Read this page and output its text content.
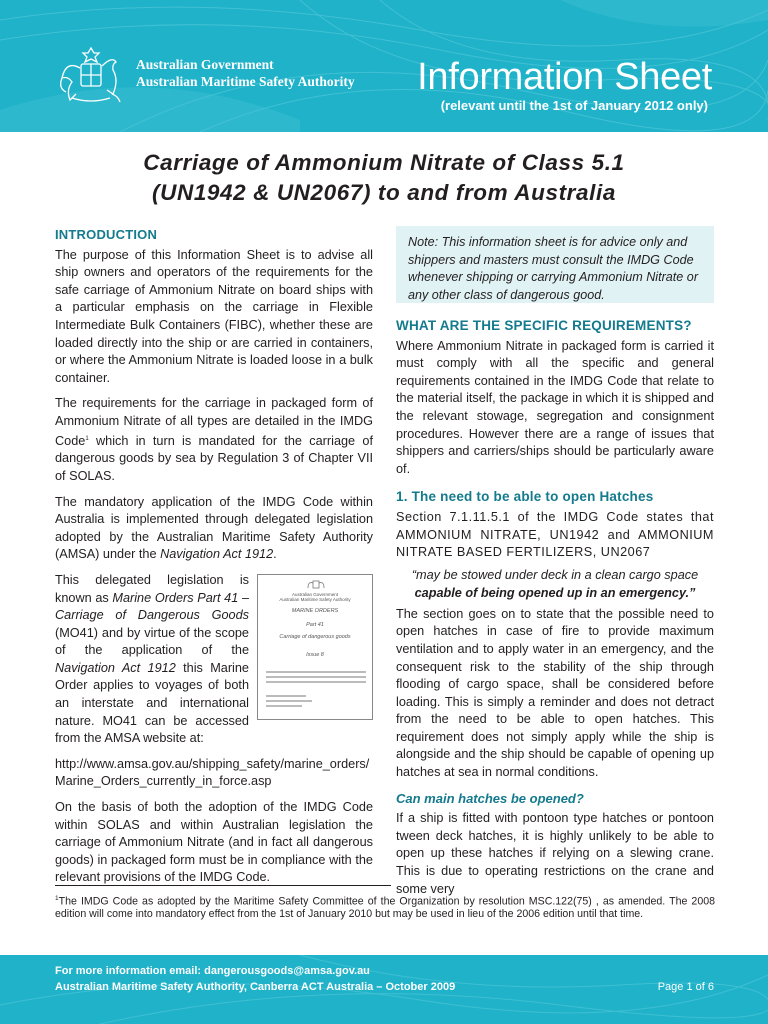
Australian Government
Australian Maritime Safety Authority Information Sheet
(relevant until the 1st of January 2012 only)
Carriage of Ammonium Nitrate of Class 5.1
(UN1942 & UN2067) to and from Australia
INTRODUCTION

The purpose of this Information Sheet is to advise all ship owners and operators of the requirements for the safe carriage of Ammonium Nitrate on board ships with a particular emphasis on the carriage in Flexible Intermediate Bulk Containers (FIBC), whether these are loaded directly into the ship or are carried in containers, or where the Ammonium Nitrate is loaded loose in a bulk container.

The requirements for the carriage in packaged form of Ammonium Nitrate of all types are detailed in the IMDG Code$^1$ which in turn is mandated for the carriage of dangerous goods by sea by Regulation 3 of Chapter VII of SOLAS.

The mandatory application of the IMDG Code within Australia is implemented through delegated legislation adopted by the Australian Maritime Safety Authority (AMSA) under the Navigation Act 1912.

Australian Government
Australian Maritime Safety Authority
MARINE ORDERS
Part 41
Carriage of dangerous goods
Issue 8

This delegated legislation is known as Marine Orders Part 41 – Carriage of Dangerous Goods (MO41) and by virtue of the scope of the application of the Navigation Act 1912 this Marine Order applies to voyages of both an interstate and international nature. MO41 can be accessed from the AMSA website at:

http://www.amsa.gov.au/shipping_safety/marine_orders/
Marine_Orders_currently_in_force.asp

On the basis of both the adoption of the IMDG Code within SOLAS and within Australian legislation the carriage of Ammonium Nitrate (and in fact all dangerous goods) in packaged form must be in compliance with the relevant provisions of the IMDG Code.

Note: This information sheet is for advice only and shippers and masters must consult the IMDG Code whenever shipping or carrying Ammonium Nitrate or any other class of dangerous good.
WHAT ARE THE SPECIFIC REQUIREMENTS?

Where Ammonium Nitrate in packaged form is carried it must comply with all the specific and general requirements contained in the IMDG Code that relate to the material itself, the package in which it is shipped and the relevant stowage, segregation and consignment procedures. However there are a range of issues that shippers and carriers/ships should be particularly aware of.

1. The need to be able to open Hatches

Section 7.1.11.5.1 of the IMDG Code states that AMMONIUM NITRATE, UN1942 and AMMONIUM NITRATE BASED FERTILIZERS, UN2067

“may be stowed under deck in a clean cargo space
capable of being opened up in an emergency.”

The section goes on to state that the possible need to open hatches in case of fire to provide maximum ventilation and to apply water in an emergency, and the consequent risk to the stability of the ship through flooding of cargo space, shall be considered before loading. This is simply a reminder and does not detract from the need to be able to open hatches. This requirement does not simply apply while the ship is alongside and the ship should be capable of opening up hatches at sea in normal conditions.

Can main hatches be opened?

If a ship is fitted with pontoon type hatches or pontoon tween deck hatches, it is highly unlikely to be able to open up these hatches if relying on a slewing crane. This is due to operating restrictions on the crane and some very

$^1$The IMDG Code as adopted by the Maritime Safety Committee of the Organization by resolution MSC.122(75) , as amended. The 2008 edition will come into mandatory effect from the 1st of January 2010 but may be used in lieu of the 2006 edition until that time.
For more information email: dangerousgoods@amsa.gov.au
Australian Maritime Safety Authority, Canberra ACT Australia – October 2009	Page 1 of 6
